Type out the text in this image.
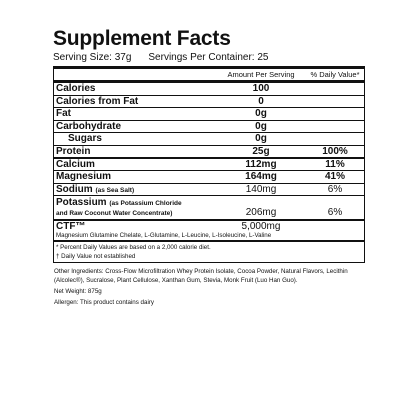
Supplement Facts
Serving Size: 37g Servings Per Container: 25
Amount Per Serving	% Daily Value*
Calories	100
Calories from Fat	0
Fat	0g
Carbohydrate	0g
Sugars	0g
Protein	25g	100%
Calcium	112mg	11%
Magnesium	164mg	41%
Sodium (as Sea Salt)	140mg	6%
Potassium (as Potassium Chloride
and Raw Coconut Water Concentrate)	206mg	6%
CTF™	5,000mg
Magnesium Glutamine Chelate, L-Glutamine, L-Leucine, L-Isoleucine, L-Valine
* Percent Daily Values are based on a 2,000 calorie diet.
† Daily Value not established
Other Ingredients: Cross-Flow Microfiltration Whey Protein Isolate, Cocoa Powder, Natural Flavors, Lecithin (Alcolec®), Sucralose, Plant Cellulose, Xanthan Gum, Stevia, Monk Fruit (Luo Han Guo).
Net Weight: 875g
Allergen: This product contains dairy
